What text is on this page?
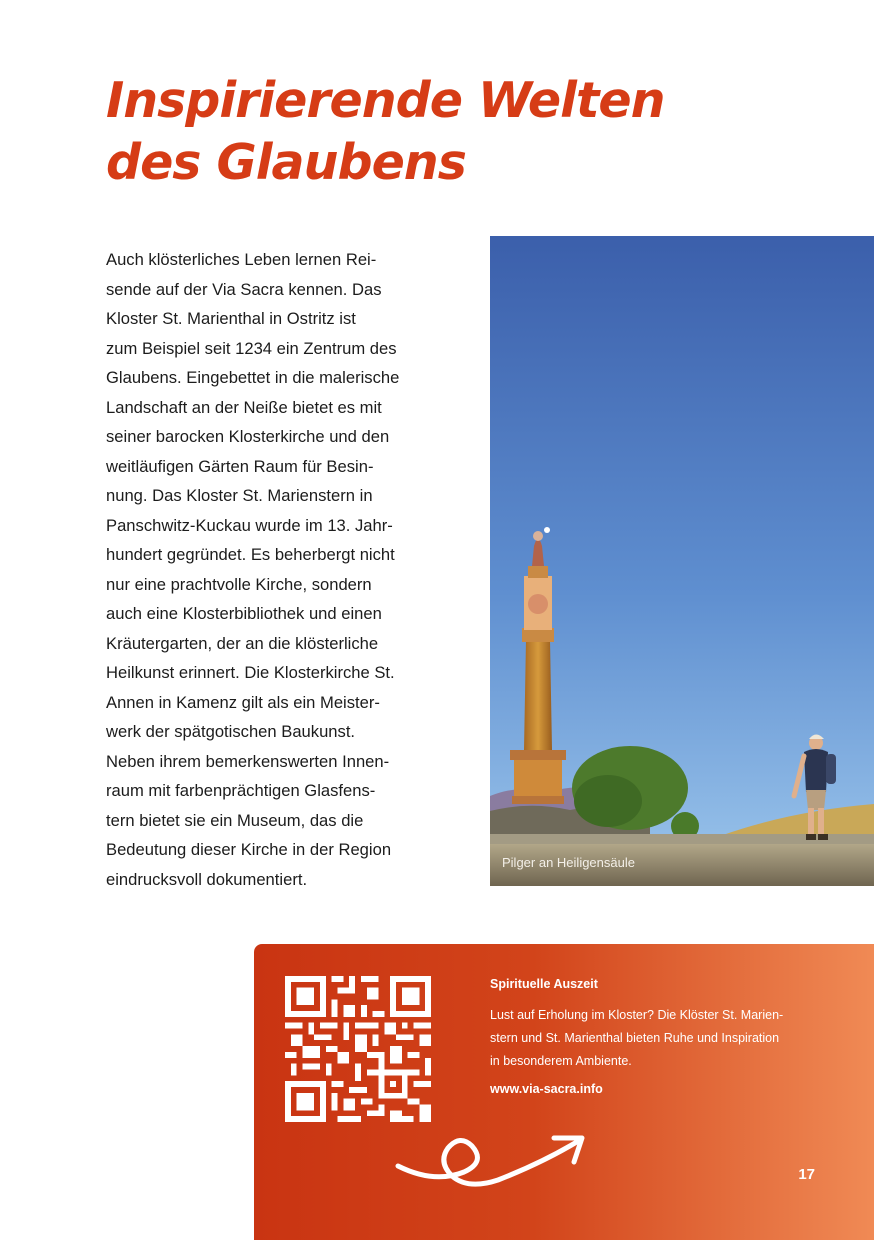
Inspirierende Welten
des Glaubens
Auch klösterliches Leben lernen Rei-
sende auf der Via Sacra kennen. Das
Kloster St. Marienthal in Ostritz ist
zum Beispiel seit 1234 ein Zentrum des
Glaubens. Eingebettet in die malerische
Landschaft an der Neiße bietet es mit
seiner barocken Klosterkirche und den
weitläufigen Gärten Raum für Besin-
nung. Das Kloster St. Marienstern in
Panschwitz-Kuckau wurde im 13. Jahr-
hundert gegründet. Es beherbergt nicht
nur eine prachtvolle Kirche, sondern
auch eine Klosterbibliothek und einen
Kräutergarten, der an die klösterliche
Heilkunst erinnert. Die Klosterkirche St.
Annen in Kamenz gilt als ein Meister-
werk der spätgotischen Baukunst.
Neben ihrem bemerkenswerten Innen-
raum mit farbenprächtigen Glasfens-
tern bietet sie ein Museum, das die
Bedeutung dieser Kirche in der Region
eindrucksvoll dokumentiert.
Pilger an Heiligensäule

Spirituelle Auszeit

Lust auf Erholung im Kloster? Die Klöster St. Marien-
stern und St. Marienthal bieten Ruhe und Inspiration
in besonderem Ambiente.

www.via-sacra.info

17
